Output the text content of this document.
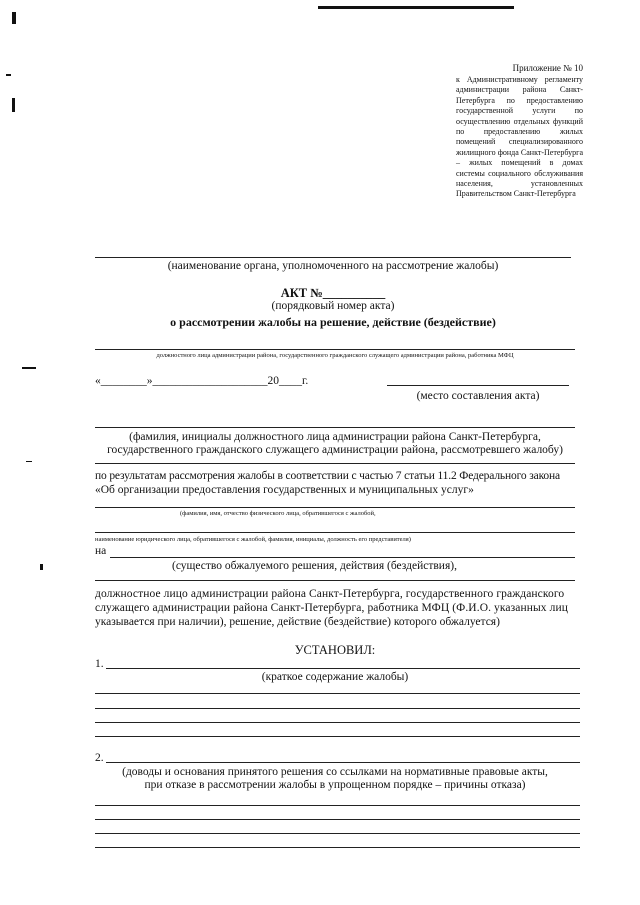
Приложение № 10
к Административному регламенту администрации района Санкт-Петербурга по предоставлению государственной услуги по осуществлению отдельных функций по предоставлению жилых помещений специализированного жилищного фонда Санкт-Петербурга – жилых помещений в домах системы социального обслуживания населения, установленных Правительством Санкт-Петербурга
(наименование органа, уполномоченного на рассмотрение жалобы)
АКТ №__________
(порядковый номер акта)
о рассмотрении жалобы на решение, действие (бездействие)
должностного лица администрации района, государственного гражданского служащего администрации района, работника МФЦ
«________»____________________20____г.
(место составления акта)
(фамилия, инициалы должностного лица администрации района Санкт-Петербурга,
государственного гражданского служащего администрации района, рассмотревшего жалобу)
по результатам рассмотрения жалобы в соответствии с частью 7 статьи 11.2 Федерального закона
«Об организации предоставления государственных и муниципальных услуг»
(фамилия, имя, отчество физического лица, обратившегося с жалобой,
наименование юридического лица, обратившегося с жалобой, фамилия, инициалы, должность его представителя)
на
(существо обжалуемого решения, действия (бездействия),
должностное лицо администрации района Санкт-Петербурга, государственного гражданского
служащего администрации района Санкт-Петербурга, работника МФЦ (Ф.И.О. указанных лиц
указывается при наличии), решение, действие (бездействие) которого обжалуется)
УСТАНОВИЛ:
1.
(краткое содержание жалобы)
2.
(доводы и основания принятого решения со ссылками на нормативные правовые акты,
при отказе в рассмотрении жалобы в упрощенном порядке – причины отказа)
